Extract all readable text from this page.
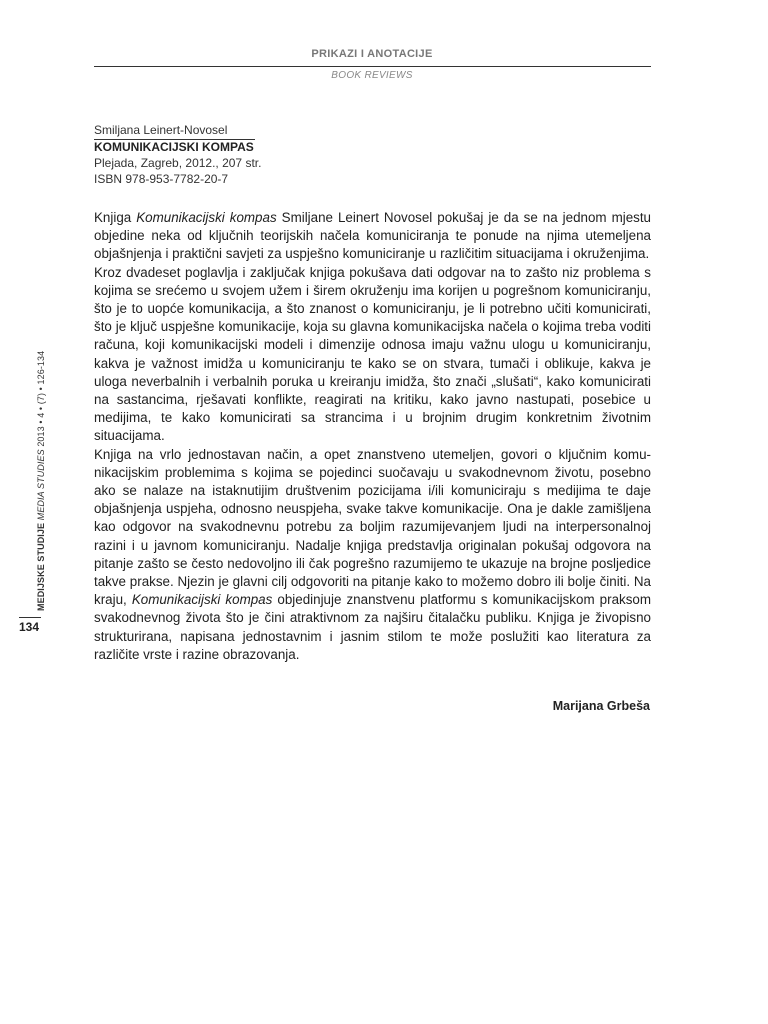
PRIKAZI I ANOTACIJE
BOOK REVIEWS
Smiljana Leinert-Novosel
KOMUNIKACIJSKI KOMPAS
Plejada, Zagreb, 2012., 207 str.
ISBN 978-953-7782-20-7

Knjiga Komunikacijski kompas Smiljane Leinert Novosel pokušaj je da se na jednom mjestu objedine neka od ključnih teorijskih načela komuniciranja te ponude na njima utemeljena objašnjenja i praktični savjeti za uspješno komuniciranje u različitim situacijama i okruženjima.

Kroz dvadeset poglavlja i zaključak knjiga pokušava dati odgovar na to zašto niz problema s kojima se srećemo u svojem užem i širem okruženju ima korijen u pogrešnom komuniciranju, što je to uopće komunikacija, a što znanost o komuniciranju, je li potrebno učiti komunicirati, što je ključ uspješne komunikacije, koja su glavna komunikacijska načela o kojima treba voditi računa, koji komunikacijski modeli i dimenzije odnosa imaju važnu ulogu u komuniciranju, kakva je važnost imidža u komuniciranju te kako se on stvara, tumači i oblikuje, kakva je uloga neverbalnih i verbalnih poruka u kreiranju imidža, što znači „slušati“, kako komunicirati na sastancima, rješavati konflikte, reagirati na kritiku, kako javno nastupati, posebice u medijima, te kako komunicirati sa strancima i u brojnim drugim konkretnim životnim situacijama.

Knjiga na vrlo jednostavan način, a opet znanstveno utemeljen, govori o ključnim komunikacijskim problemima s kojima se pojedinci suočavaju u svakodnevnom životu, posebno ako se nalaze na istaknutijim društvenim pozicijama i/ili komuniciraju s medijima te daje objašnjenja uspjeha, odnosno neuspjeha, svake takve komunikacije. Ona je dakle zamišljena kao odgovor na svakodnevnu potrebu za boljim razumijevanjem ljudi na interpersonalnoj razini i u javnom komuniciranju. Nadalje knjiga predstavlja originalan pokušaj odgovora na pitanje zašto se često nedovoljno ili čak pogrešno razumijemo te ukazuje na brojne posljedice takve prakse. Njezin je glavni cilj odgovoriti na pitanje kako to možemo dobro ili bolje činiti. Na kraju, Komunikacijski kompas objedinjuje znanstvenu platformu s komunikacijskom praksom svakodnevnog života što je čini atraktivnom za najširu čitalačku publiku. Knjiga je živopisno strukturirana, napisana jednostavnim i jasnim stilom te može poslužiti kao literatura za različite vrste i razine obrazovanja.

Marijana Grbeša
MEDIJSKE STUDIJE MEDIA STUDIES 2013 • 4 • (7) • 126-134
134
